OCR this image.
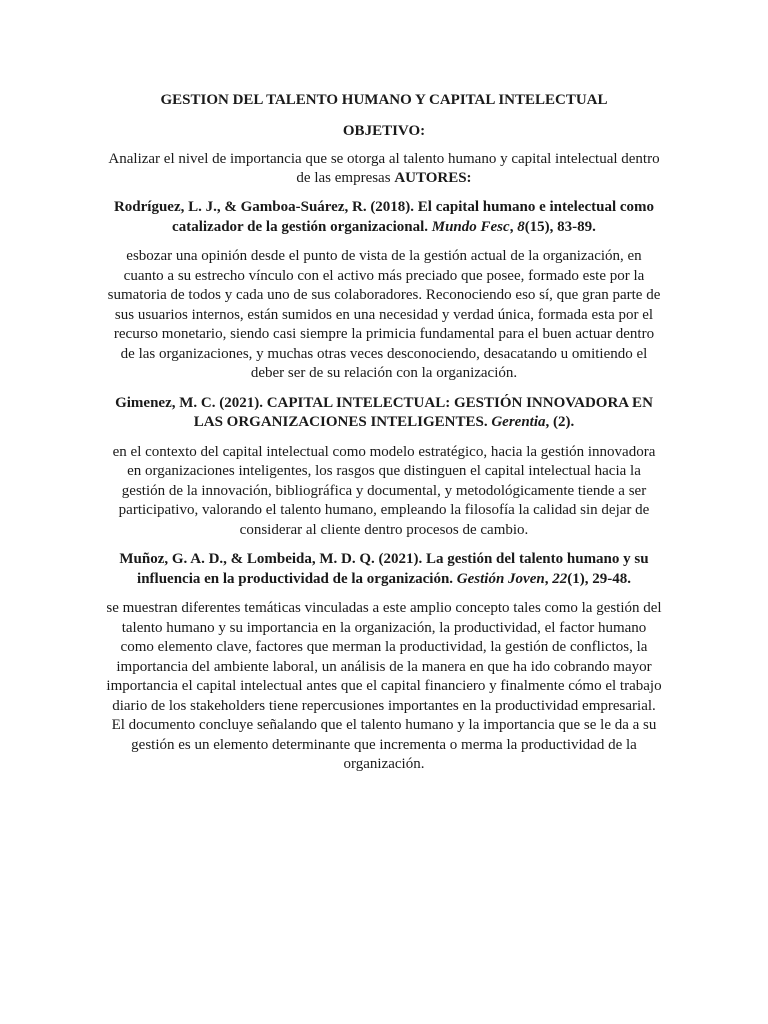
GESTION DEL TALENTO HUMANO Y CAPITAL INTELECTUAL
OBJETIVO:

Analizar el nivel de importancia que se otorga al talento humano y capital intelectual dentro de las empresas AUTORES:

Rodríguez, L. J., & Gamboa-Suárez, R. (2018). El capital humano e intelectual como catalizador de la gestión organizacional. Mundo Fesc, 8(15), 83-89.

esbozar una opinión desde el punto de vista de la gestión actual de la organización, en cuanto a su estrecho vínculo con el activo más preciado que posee, formado este por la sumatoria de todos y cada uno de sus colaboradores. Reconociendo eso sí, que gran parte de sus usuarios internos, están sumidos en una necesidad y verdad única, formada esta por el recurso monetario, siendo casi siempre la primicia fundamental para el buen actuar dentro de las organizaciones, y muchas otras veces desconociendo, desacatando u omitiendo el deber ser de su relación con la organización.

Gimenez, M. C. (2021). CAPITAL INTELECTUAL: GESTIÓN INNOVADORA EN LAS ORGANIZACIONES INTELIGENTES. Gerentia, (2).

en el contexto del capital intelectual como modelo estratégico, hacia la gestión innovadora en organizaciones inteligentes, los rasgos que distinguen el capital intelectual hacia la gestión de la innovación, bibliográfica y documental, y metodológicamente tiende a ser participativo, valorando el talento humano, empleando la filosofía la calidad sin dejar de considerar al cliente dentro procesos de cambio.

Muñoz, G. A. D., & Lombeida, M. D. Q. (2021). La gestión del talento humano y su influencia en la productividad de la organización. Gestión Joven, 22(1), 29-48.

se muestran diferentes temáticas vinculadas a este amplio concepto tales como la gestión del talento humano y su importancia en la organización, la productividad, el factor humano como elemento clave, factores que merman la productividad, la gestión de conflictos, la importancia del ambiente laboral, un análisis de la manera en que ha ido cobrando mayor importancia el capital intelectual antes que el capital financiero y finalmente cómo el trabajo diario de los stakeholders tiene repercusiones importantes en la productividad empresarial. El documento concluye señalando que el talento humano y la importancia que se le da a su gestión es un elemento determinante que incrementa o merma la productividad de la organización.
